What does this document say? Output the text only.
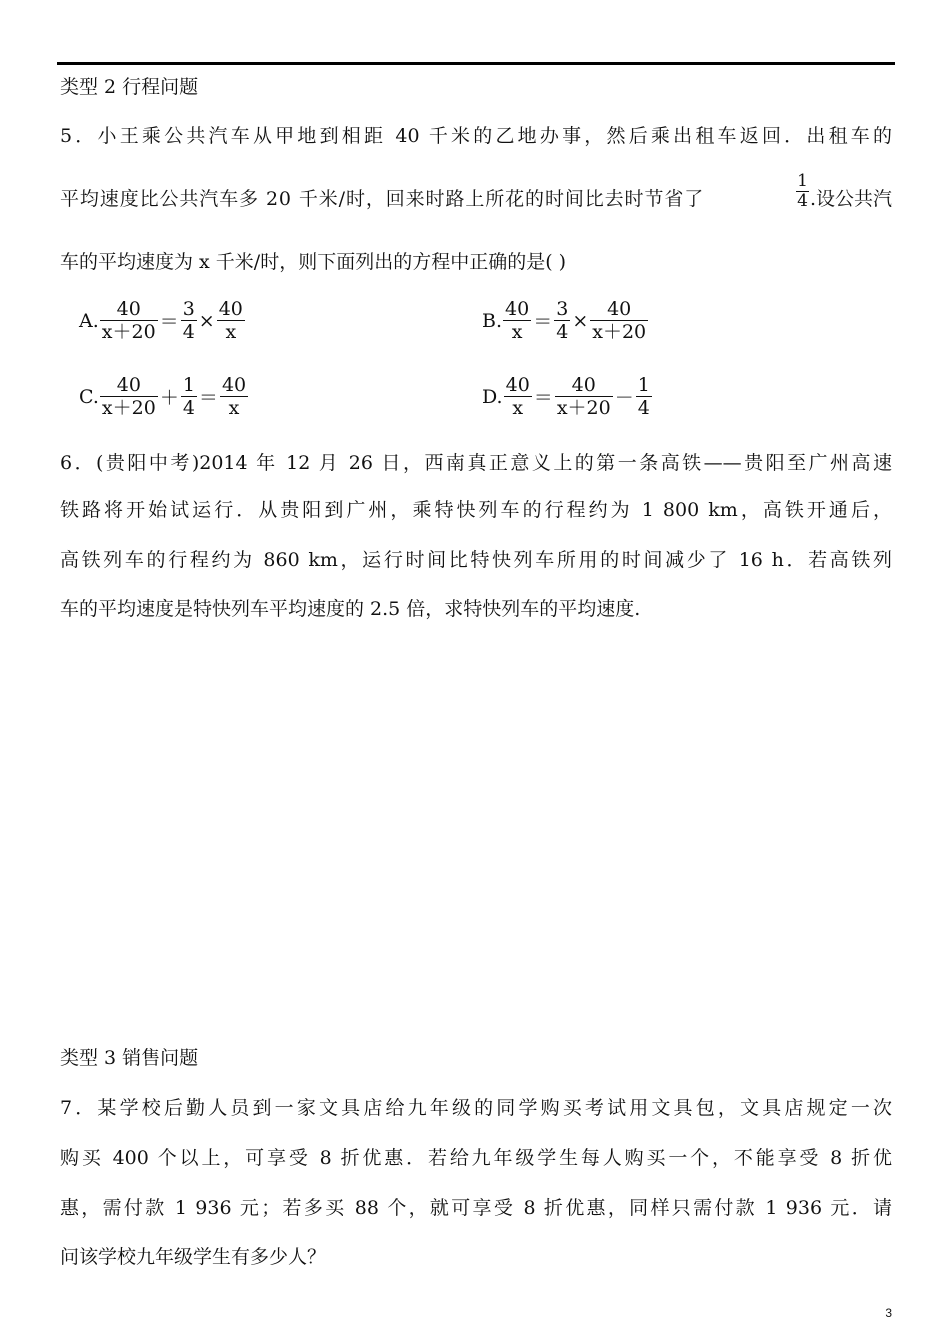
类型 2 行程问题
5．小王乘公共汽车从甲地到相距 40 千米的乙地办事，然后乘出租车返回．出租车的
平均速度比公共汽车多 20 千米/时，回来时路上所花的时间比去时节省了	$\frac{1}{4}$ .设公共汽
车的平均速度为 x 千米/时，则下面列出的方程中正确的是( )
A. $\frac{40}{x+20} = \frac{3}{4} \times \frac{40}{x}$	B. $\frac{40}{x} = \frac{3}{4} \times \frac{40}{x+20}$
C. $\frac{40}{x+20} + \frac{1}{4} = \frac{40}{x}$	D. $\frac{40}{x} = \frac{40}{x+20} - \frac{1}{4}$
6．(贵阳中考)2014 年 12 月 26 日，西南真正意义上的第一条高铁——贵阳至广州高速
铁路将开始试运行．从贵阳到广州，乘特快列车的行程约为 1 800 km，高铁开通后，
高铁列车的行程约为 860 km，运行时间比特快列车所用的时间减少了 16 h．若高铁列
车的平均速度是特快列车平均速度的 2.5 倍，求特快列车的平均速度.
类型 3 销售问题
7．某学校后勤人员到一家文具店给九年级的同学购买考试用文具包，文具店规定一次
购买 400 个以上，可享受 8 折优惠．若给九年级学生每人购买一个，不能享受 8 折优
惠，需付款 1 936 元；若多买 88 个，就可享受 8 折优惠，同样只需付款 1 936 元．请
问该学校九年级学生有多少人？
3
